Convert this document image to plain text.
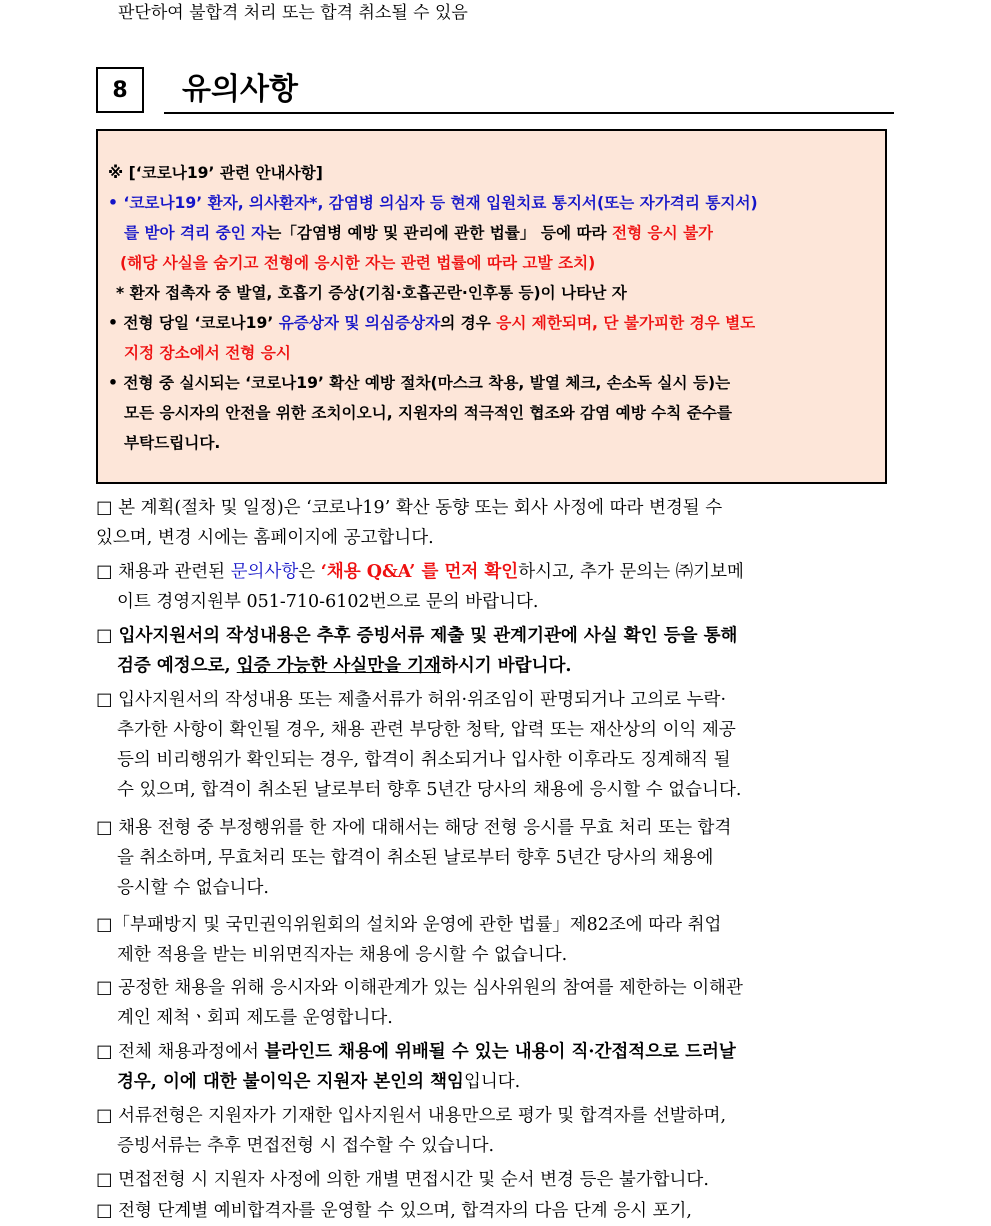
판단하여 불합격 처리 또는 합격 취소될 수 있음
8	유의사항
※ [‘코로나19’ 관련 안내사항]
• ‘코로나19’ 환자, 의사환자*, 감염병 의심자 등 현재 입원치료 통지서(또는 자가격리 통지서)
를 받아 격리 중인 자는「감염병 예방 및 관리에 관한 법률」 등에 따라 전형 응시 불가
(해당 사실을 숨기고 전형에 응시한 자는 관련 법률에 따라 고발 조치)
* 환자 접촉자 중 발열, 호흡기 증상(기침·호흡곤란·인후통 등)이 나타난 자
• 전형 당일 ‘코로나19’ 유증상자 및 의심증상자의 경우 응시 제한되며, 단 불가피한 경우 별도
지정 장소에서 전형 응시
• 전형 중 실시되는 ‘코로나19’ 확산 예방 절차(마스크 착용, 발열 체크, 손소독 실시 등)는
모든 응시자의 안전을 위한 조치이오니, 지원자의 적극적인 협조와 감염 예방 수칙 준수를
부탁드립니다.
□ 본 계획(절차 및 일정)은 ‘코로나19’ 확산 동향 또는 회사 사정에 따라 변경될 수
있으며, 변경 시에는 홈페이지에 공고합니다.
□ 채용과 관련된 문의사항은 ‘채용 Q&A’ 를 먼저 확인하시고, 추가 문의는 ㈜기보메
이트 경영지원부 051-710-6102번으로 문의 바랍니다.
□ 입사지원서의 작성내용은 추후 증빙서류 제출 및 관계기관에 사실 확인 등을 통해
검증 예정으로, 입증 가능한 사실만을 기재하시기 바랍니다.
□ 입사지원서의 작성내용 또는 제출서류가 허위·위조임이 판명되거나 고의로 누락·
추가한 사항이 확인될 경우, 채용 관련 부당한 청탁, 압력 또는 재산상의 이익 제공
등의 비리행위가 확인되는 경우, 합격이 취소되거나 입사한 이후라도 징계해직 될
수 있으며, 합격이 취소된 날로부터 향후 5년간 당사의 채용에 응시할 수 없습니다.
□ 채용 전형 중 부정행위를 한 자에 대해서는 해당 전형 응시를 무효 처리 또는 합격
을 취소하며, 무효처리 또는 합격이 취소된 날로부터 향후 5년간 당사의 채용에
응시할 수 없습니다.
□「부패방지 및 국민권익위원회의 설치와 운영에 관한 법률」제82조에 따라 취업
제한 적용을 받는 비위면직자는 채용에 응시할 수 없습니다.
□ 공정한 채용을 위해 응시자와 이해관계가 있는 심사위원의 참여를 제한하는 이해관
계인 제척ㆍ회피 제도를 운영합니다.
□ 전체 채용과정에서 블라인드 채용에 위배될 수 있는 내용이 직·간접적으로 드러날
경우, 이에 대한 불이익은 지원자 본인의 책임입니다.
□ 서류전형은 지원자가 기재한 입사지원서 내용만으로 평가 및 합격자를 선발하며,
증빙서류는 추후 면접전형 시 접수할 수 있습니다.
□ 면접전형 시 지원자 사정에 의한 개별 면접시간 및 순서 변경 등은 불가합니다.
□ 전형 단계별 예비합격자를 운영할 수 있으며, 합격자의 다음 단계 응시 포기,
